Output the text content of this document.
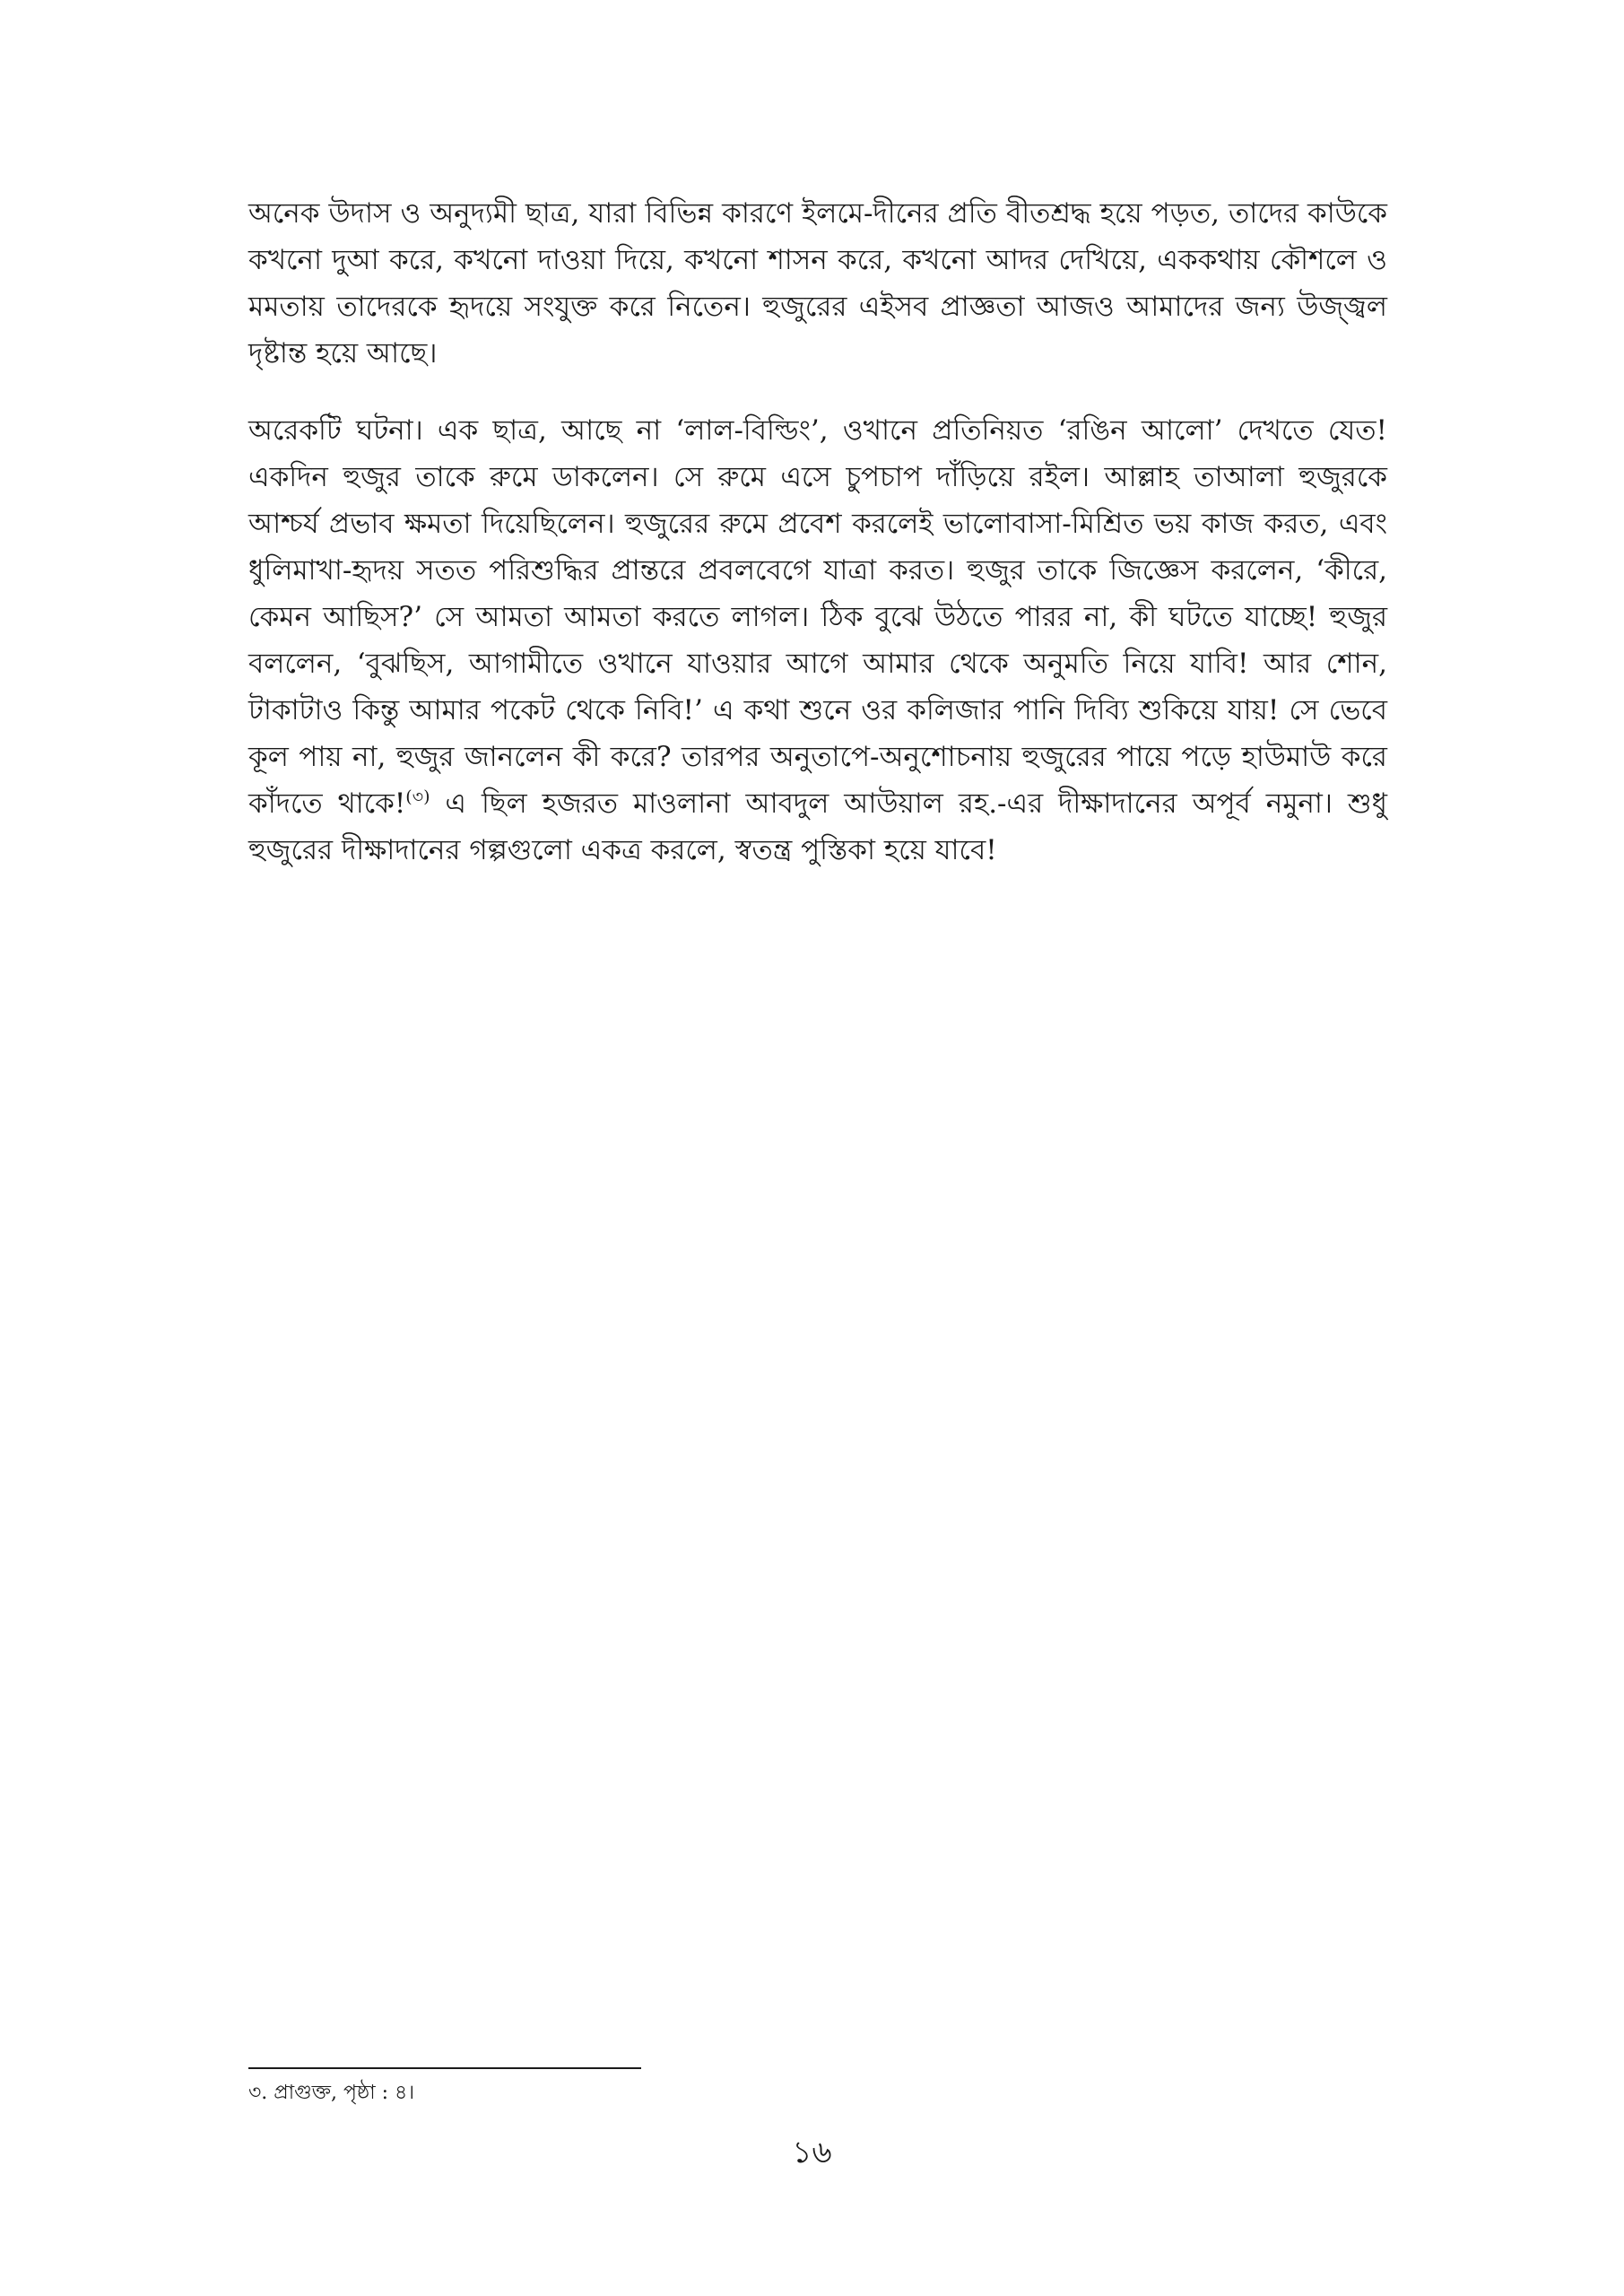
অনেক উদাস ও অনুদ্যমী ছাত্র, যারা বিভিন্ন কারণে ইলমে-দীনের প্রতি বীতশ্রদ্ধ হয়ে পড়ত, তাদের কাউকে কখনো দুআ করে, কখনো দাওয়া দিয়ে, কখনো শাসন করে, কখনো আদর দেখিয়ে, এককথায় কৌশলে ও মমতায় তাদেরকে হৃদয়ে সংযুক্ত করে নিতেন। হুজুরের এইসব প্রাজ্ঞতা আজও আমাদের জন্য উজ্জ্বল দৃষ্টান্ত হয়ে আছে।

অরেকটি ঘটনা। এক ছাত্র, আছে না ‘লাল-বিল্ডিং’, ওখানে প্রতিনিয়ত ‘রঙিন আলো’ দেখতে যেত! একদিন হুজুর তাকে রুমে ডাকলেন। সে রুমে এসে চুপচাপ দাঁড়িয়ে রইল। আল্লাহ তাআলা হুজুরকে আশ্চর্য প্রভাব ক্ষমতা দিয়েছিলেন। হুজুরের রুমে প্রবেশ করলেই ভালোবাসা-মিশ্রিত ভয় কাজ করত, এবং ধুলিমাখা-হৃদয় সতত পরিশুদ্ধির প্রান্তরে প্রবলবেগে যাত্রা করত। হুজুর তাকে জিজ্ঞেস করলেন, ‘কীরে, কেমন আছিস?’ সে আমতা আমতা করতে লাগল। ঠিক বুঝে উঠতে পারর না, কী ঘটতে যাচ্ছে! হুজুর বললেন, ‘বুঝছিস, আগামীতে ওখানে যাওয়ার আগে আমার থেকে অনুমতি নিয়ে যাবি! আর শোন, টাকাটাও কিন্তু আমার পকেট থেকে নিবি!’ এ কথা শুনে ওর কলিজার পানি দিব্যি শুকিয়ে যায়! সে ভেবে কূল পায় না, হুজুর জানলেন কী করে? তারপর অনুতাপে-অনুশোচনায় হুজুরের পায়ে পড়ে হাউমাউ করে কাঁদতে থাকে!$^{(৩)}$ এ ছিল হজরত মাওলানা আবদুল আউয়াল রহ.-এর দীক্ষাদানের অপূর্ব নমুনা। শুধু হুজুরের দীক্ষাদানের গল্পগুলো একত্র করলে, স্বতন্ত্র পুস্তিকা হয়ে যাবে!

৩. প্রাগুক্ত, পৃষ্ঠা : ৪।
১৬
